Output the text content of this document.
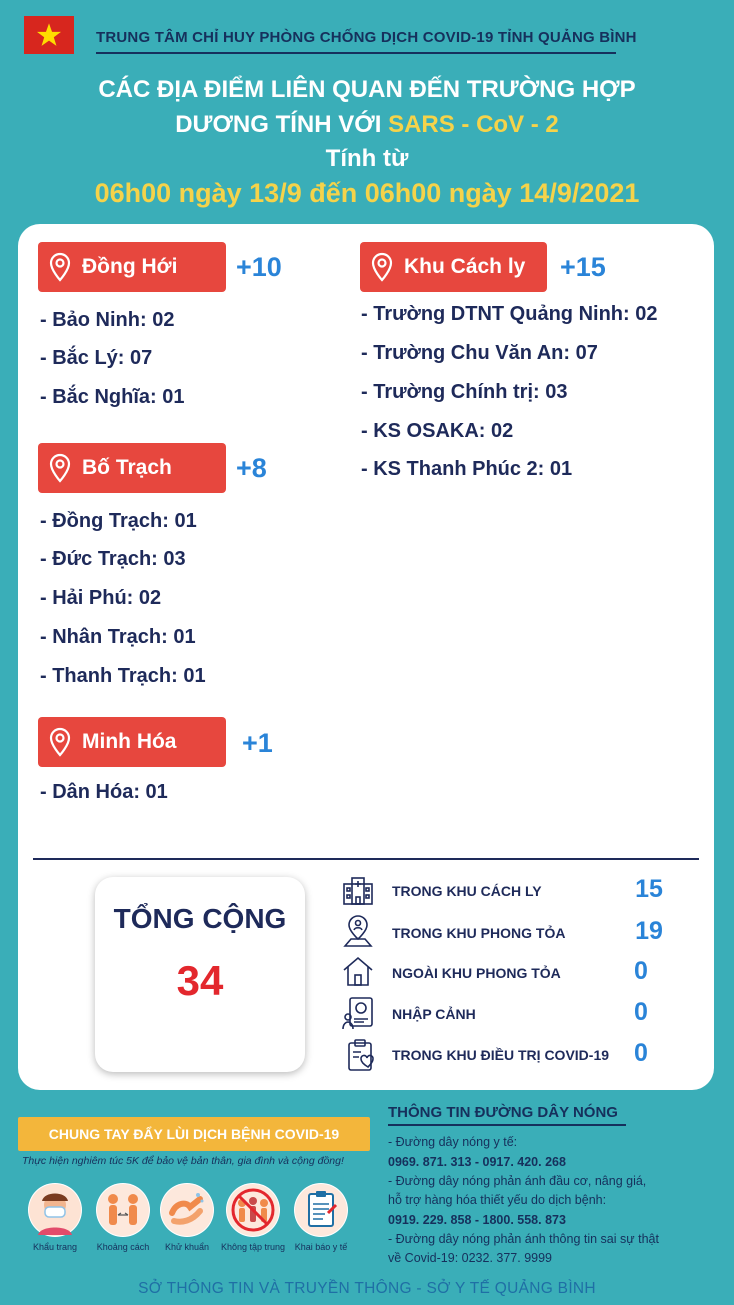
TRUNG TÂM CHỈ HUY PHÒNG CHỐNG DỊCH COVID-19 TỈNH QUẢNG BÌNH
CÁC ĐỊA ĐIỂM LIÊN QUAN ĐẾN TRƯỜNG HỢP
DƯƠNG TÍNH VỚI SARS - CoV - 2
Tính từ
06h00 ngày 13/9 đến 06h00 ngày 14/9/2021
Đồng Hới +10
- Bảo Ninh: 02
- Bắc Lý: 07
- Bắc Nghĩa: 01
Bố Trạch +8
- Đồng Trạch: 01
- Đức Trạch: 03
- Hải Phú: 02
- Nhân Trạch: 01
- Thanh Trạch: 01
Minh Hóa +1
- Dân Hóa: 01
Khu Cách ly +15
- Trường DTNT Quảng Ninh: 02
- Trường Chu Văn An: 07
- Trường Chính trị: 03
- KS OSAKA: 02
- KS Thanh Phúc 2: 01
TỔNG CỘNG
34
TRONG KHU CÁCH LY	15
TRONG KHU PHONG TỎA	19
NGOÀI KHU PHONG TỎA	0
NHẬP CẢNH	0
TRONG KHU ĐIỀU TRỊ COVID-19	0
CHUNG TAY ĐẨY LÙI DỊCH BỆNH COVID-19
Thực hiện nghiêm túc 5K để bảo vệ bản thân, gia đình và cộng đồng!
Khẩu trang	Khoảng cách	Khử khuẩn	Không tập trung	Khai báo y tế
THÔNG TIN ĐƯỜNG DÂY NÓNG
- Đường dây nóng y tế:
0969. 871. 313 - 0917. 420. 268
- Đường dây nóng phản ánh đầu cơ, nâng giá,
hỗ trợ hàng hóa thiết yếu do dịch bệnh:
0919. 229. 858 - 1800. 558. 873
- Đường dây nóng phản ánh thông tin sai sự thật
về Covid-19: 0232. 377. 9999
SỞ THÔNG TIN VÀ TRUYỀN THÔNG - SỞ Y TẾ QUẢNG BÌNH
